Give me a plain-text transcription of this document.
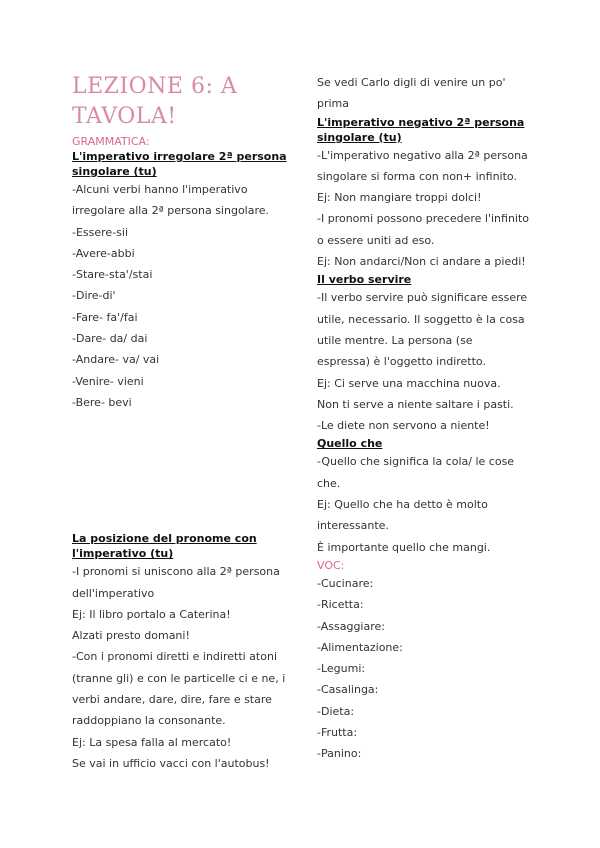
LEZIONE 6: A TAVOLA!
GRAMMATICA:
L'imperativo irregolare 2ª persona
singolare (tu)
-Alcuni verbi hanno l'imperativo
irregolare alla 2ª persona singolare.
-Essere-sii
-Avere-abbi
-Stare-sta'/stai
-Dire-di'
-Fare- fa'/fai
-Dare- da/ dai
-Andare- va/ vai
-Venire- vieni
-Bere- bevi
La posizione del pronome con
l'imperativo (tu)
-I pronomi si uniscono alla 2ª persona
dell'imperativo
Ej: Il libro portalo a Caterina!
Alzati presto domani!
-Con i pronomi diretti e indiretti atoni
(tranne gli) e con le particelle ci e ne, i
verbi andare, dare, dire, fare e stare
raddoppiano la consonante.
Ej: La spesa falla al mercato!
Se vai in ufficio vacci con l'autobus!
Se vedi Carlo digli di venire un po'
prima
L'imperativo negativo 2ª persona
singolare (tu)
-L'imperativo negativo alla 2ª persona
singolare si forma con non+ infinito.
Ej: Non mangiare troppi dolci!
-I pronomi possono precedere l'infinito
o essere uniti ad eso.
Ej: Non andarci/Non ci andare a piedi!
Il verbo servire
-Il verbo servire può significare essere
utile, necessario. Il soggetto è la cosa
utile mentre. La persona (se
espressa) è l'oggetto indiretto.
Ej: Ci serve una macchina nuova.
Non ti serve a niente saltare i pasti.
-Le diete non servono a niente!
Quello che
-Quello che significa la cola/ le cose
che.
Ej: Quello che ha detto è molto
interessante.
È importante quello che mangi.
VOC:
-Cucinare:
-Ricetta:
-Assaggiare:
-Alimentazione:
-Legumi:
-Casalinga:
-Dieta:
-Frutta:
-Panino:
